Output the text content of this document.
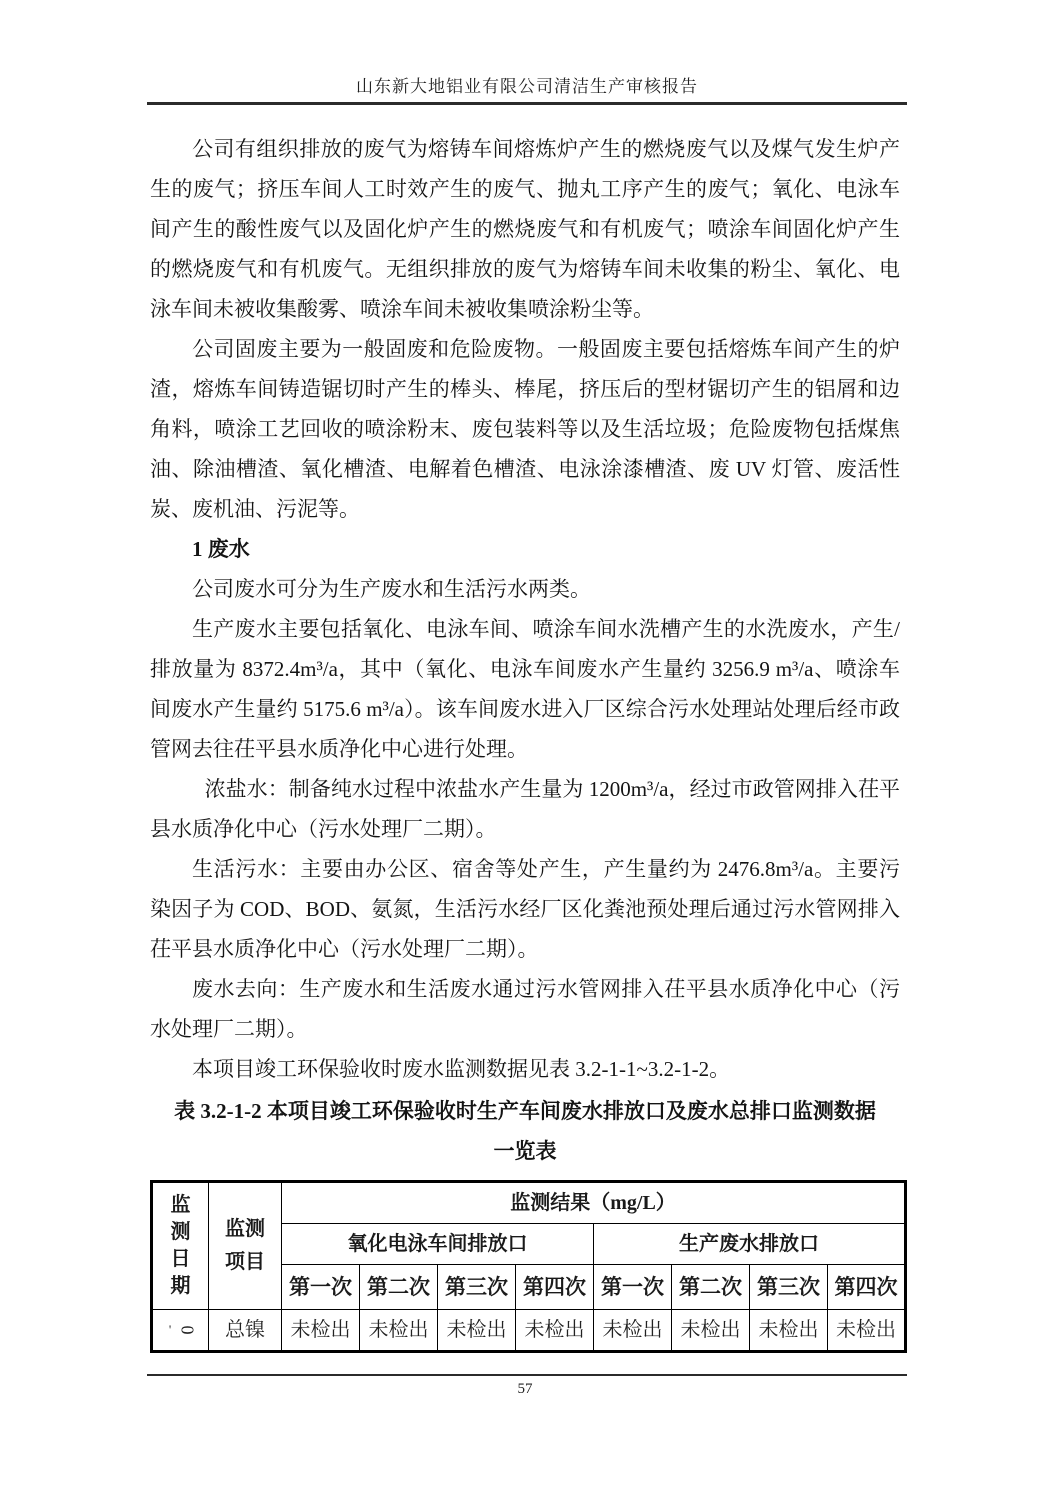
山东新大地铝业有限公司清洁生产审核报告

公司有组织排放的废气为熔铸车间熔炼炉产生的燃烧废气以及煤气发生炉产生的废气；挤压车间人工时效产生的废气、抛丸工序产生的废气；氧化、电泳车间产生的酸性废气以及固化炉产生的燃烧废气和有机废气；喷涂车间固化炉产生的燃烧废气和有机废气。无组织排放的废气为熔铸车间未收集的粉尘、氧化、电泳车间未被收集酸雾、喷涂车间未被收集喷涂粉尘等。

公司固废主要为一般固废和危险废物。一般固废主要包括熔炼车间产生的炉渣，熔炼车间铸造锯切时产生的棒头、棒尾，挤压后的型材锯切产生的铝屑和边角料，喷涂工艺回收的喷涂粉末、废包装料等以及生活垃圾；危险废物包括煤焦油、除油槽渣、氧化槽渣、电解着色槽渣、电泳涂漆槽渣、废 UV 灯管、废活性炭、废机油、污泥等。

1 废水

公司废水可分为生产废水和生活污水两类。

生产废水主要包括氧化、电泳车间、喷涂车间水洗槽产生的水洗废水，产生/排放量为 8372.4m³/a，其中（氧化、电泳车间废水产生量约 3256.9 m³/a、喷涂车间废水产生量约 5175.6 m³/a）。该车间废水进入厂区综合污水处理站处理后经市政管网去往茌平县水质净化中心进行处理。

浓盐水：制备纯水过程中浓盐水产生量为 1200m³/a，经过市政管网排入茌平县水质净化中心（污水处理厂二期）。

生活污水：主要由办公区、宿舍等处产生，产生量约为 2476.8m³/a。主要污染因子为 COD、BOD、氨氮，生活污水经厂区化粪池预处理后通过污水管网排入茌平县水质净化中心（污水处理厂二期）。

废水去向：生产废水和生活废水通过污水管网排入茌平县水质净化中心（污水处理厂二期）。

本项目竣工环保验收时废水监测数据见表 3.2-1-1~3.2-1-2。

表 3.2-1-2 本项目竣工环保验收时生产车间废水排放口及废水总排口监测数据
一览表
监测日期	监测项目	监测结果（mg/L）							
		氧化电泳车间排放口				生产废水排放口			
		第一次	第二次	第三次	第四次	第一次	第二次	第三次	第四次
' 0	总镍	未检出	未检出	未检出	未检出	未检出	未检出	未检出	未检出
57
